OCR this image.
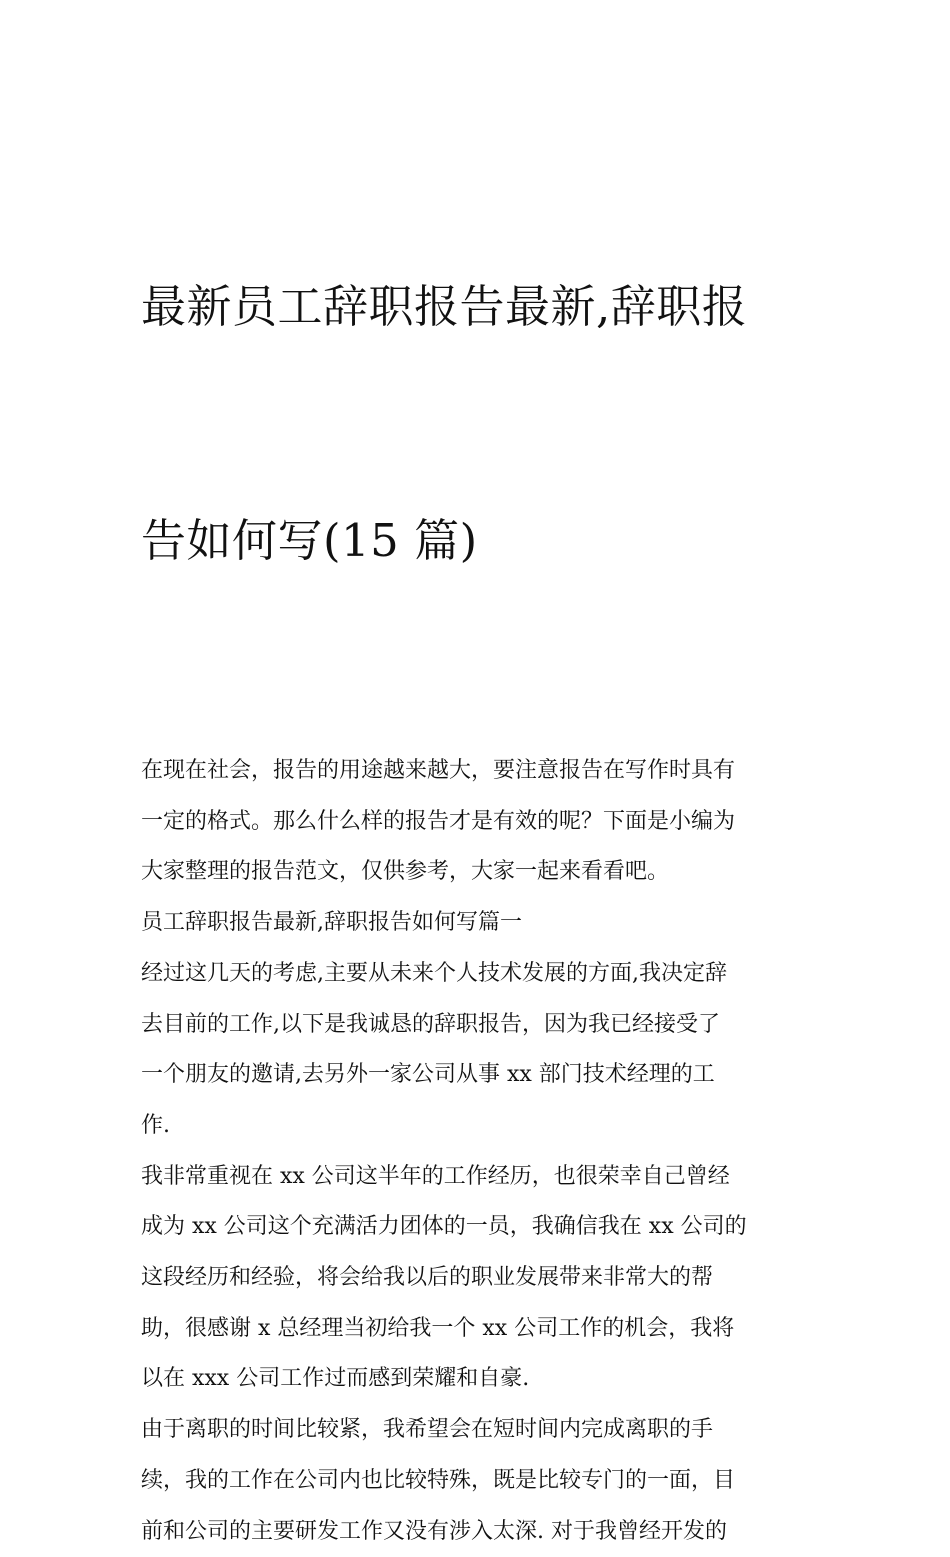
最新员工辞职报告最新,辞职报

告如何写(15 篇)

在现在社会，报告的用途越来越大，要注意报告在写作时具有
一定的格式。那么什么样的报告才是有效的呢？下面是小编为
大家整理的报告范文，仅供参考，大家一起来看看吧。

员工辞职报告最新,辞职报告如何写篇一

经过这几天的考虑,主要从未来个人技术发展的方面,我决定辞
去目前的工作,以下是我诚恳的辞职报告，因为我已经接受了
一个朋友的邀请,去另外一家公司从事 xx 部门技术经理的工
作.

我非常重视在 xx 公司这半年的工作经历，也很荣幸自己曾经
成为 xx 公司这个充满活力团体的一员，我确信我在 xx 公司的
这段经历和经验，将会给我以后的职业发展带来非常大的帮
助，很感谢 x 总经理当初给我一个 xx 公司工作的机会，我将
以在 xxx 公司工作过而感到荣耀和自豪.

由于离职的时间比较紧，我希望会在短时间内完成离职的手
续，我的工作在公司内也比较特殊，既是比较专门的一面，目
前和公司的主要研发工作又没有涉入太深. 对于我曾经开发的
